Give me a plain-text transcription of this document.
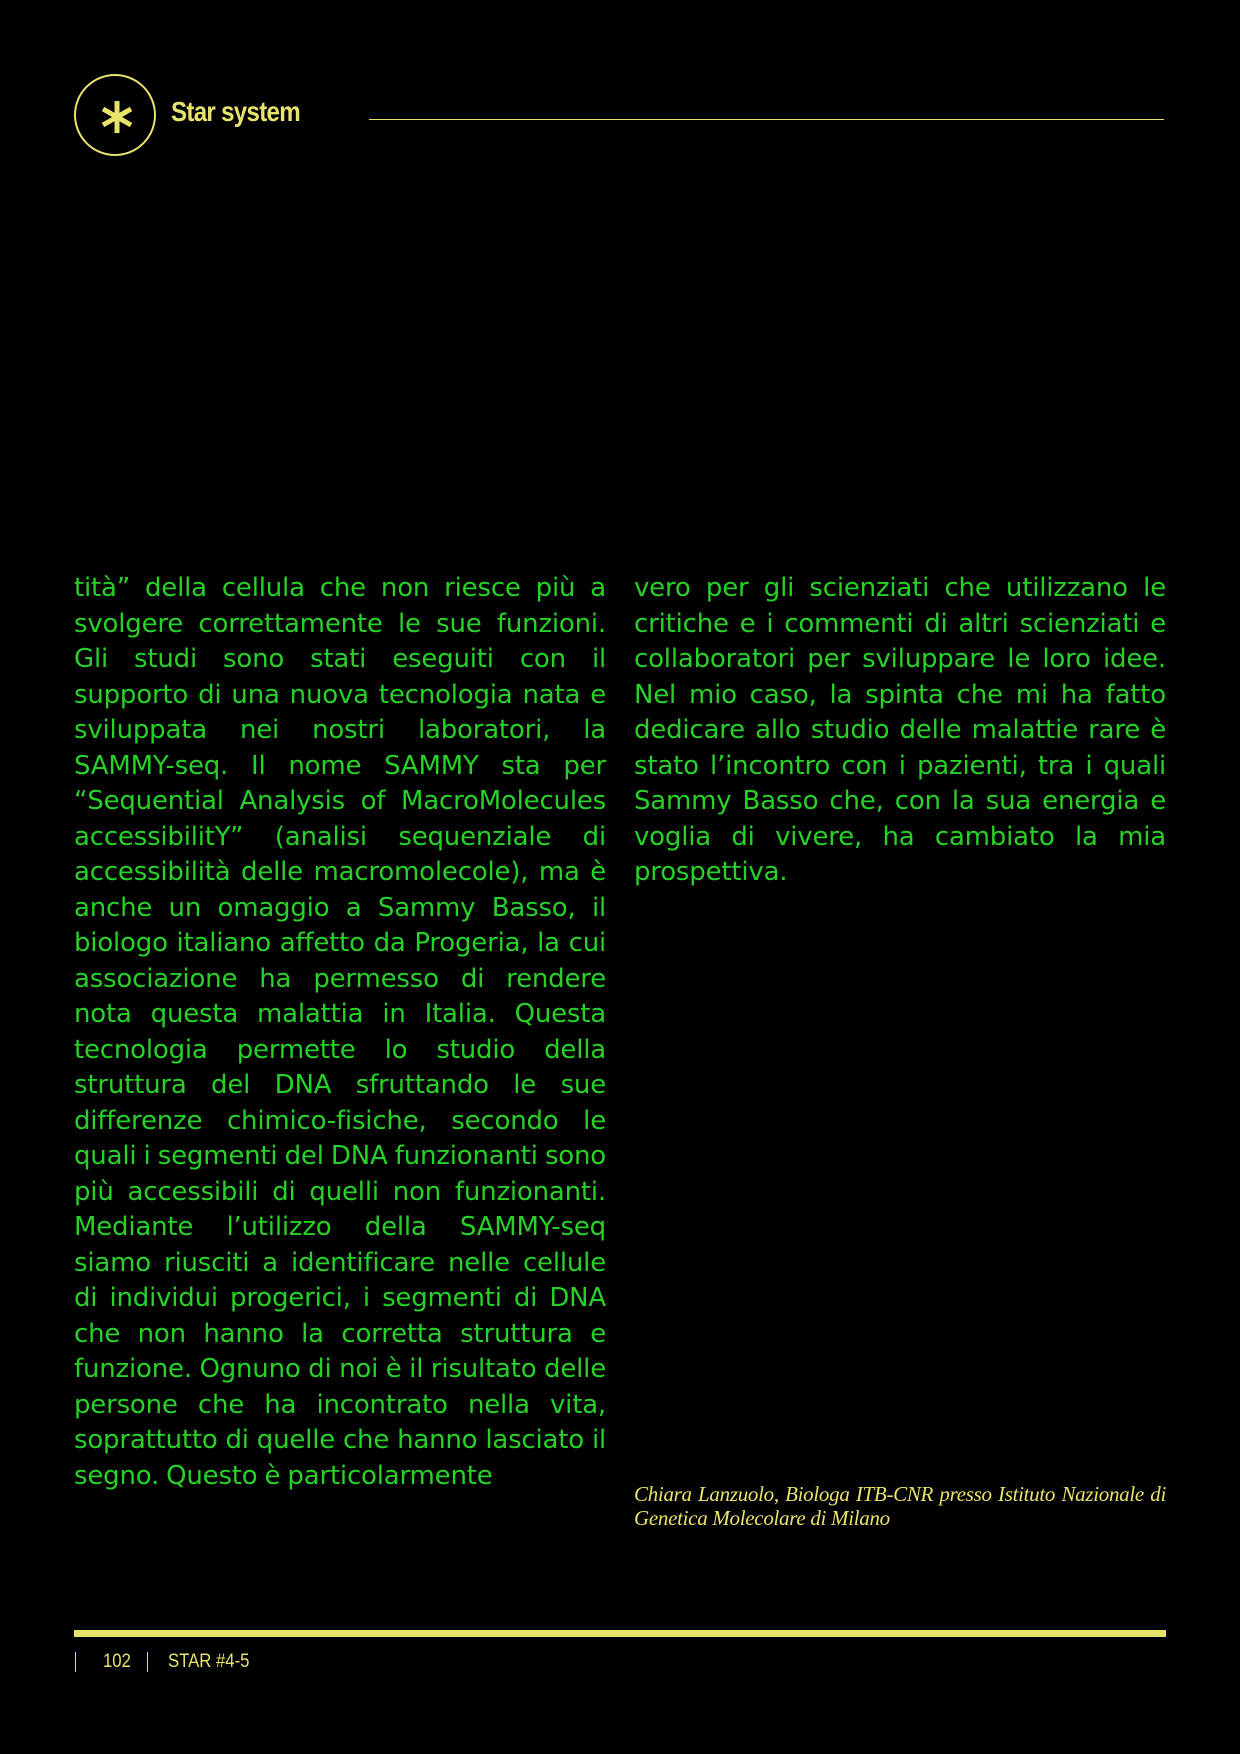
Star system
tità” della cellula che non riesce più a svolgere correttamente le sue funzioni. Gli studi sono stati eseguiti con il supporto di una nuova tecnologia nata e sviluppata nei nostri laboratori, la SAMMY-seq. Il nome SAMMY sta per “Sequential Analysis of MacroMolecules accessibilitY” (analisi sequenziale di accessibilità delle macromolecole), ma è anche un omaggio a Sammy Basso, il biologo italiano affetto da Progeria, la cui associazione ha permesso di rendere nota questa malattia in Italia. Questa tecnologia permette lo studio della struttura del DNA sfruttando le sue differenze chimico-fisiche, secondo le quali i segmenti del DNA funzionanti sono più accessibili di quelli non funzionanti. Mediante l’utilizzo della SAMMY-seq siamo riusciti a identificare nelle cellule di individui progerici, i segmenti di DNA che non hanno la corretta struttura e funzione. Ognuno di noi è il risultato delle persone che ha incontrato nella vita, soprattutto di quelle che hanno lasciato il segno. Questo è particolarmente
vero per gli scienziati che utilizzano le critiche e i commenti di altri scienziati e collaboratori per sviluppare le loro idee. Nel mio caso, la spinta che mi ha fatto dedicare allo studio delle malattie rare è stato l’incontro con i pazienti, tra i quali Sammy Basso che, con la sua energia e voglia di vivere, ha cambiato la mia prospettiva.
Chiara Lanzuolo, Biologa ITB-CNR presso Istituto Nazionale di Genetica Molecolare di Milano
102 STAR #4-5
